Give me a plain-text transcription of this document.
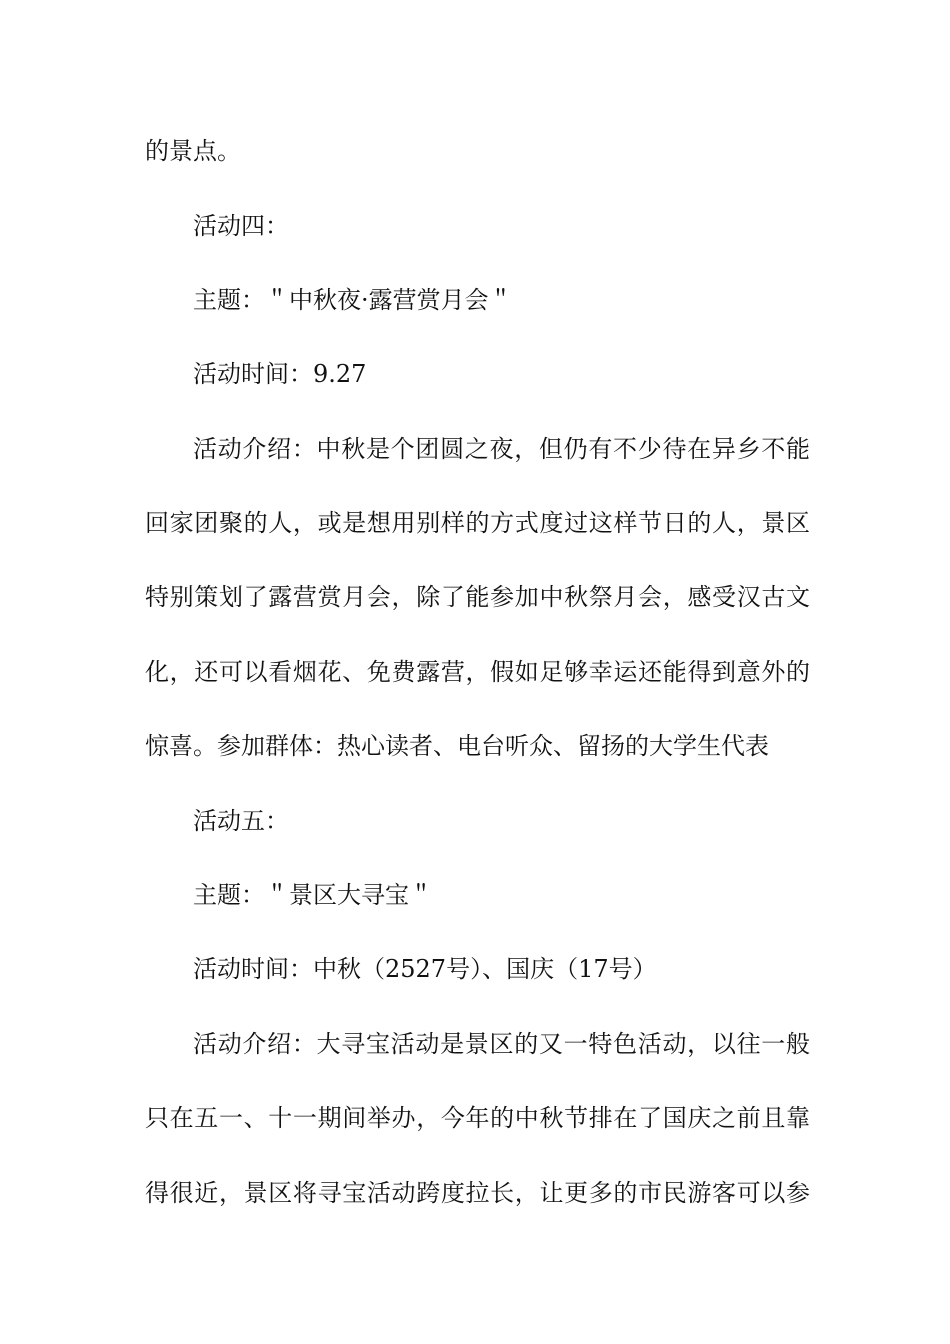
的景点。
活动四：
主题：＂中秋夜·露营赏月会＂
活动时间：9.27
活动介绍：中秋是个团圆之夜，但仍有不少待在异乡不能
回家团聚的人，或是想用别样的方式度过这样节日的人，景区
特别策划了露营赏月会，除了能参加中秋祭月会，感受汉古文
化，还可以看烟花、免费露营，假如足够幸运还能得到意外的
惊喜。参加群体：热心读者、电台听众、留扬的大学生代表
活动五：
主题：＂景区大寻宝＂
活动时间：中秋（2527号）、国庆（17号）
活动介绍：大寻宝活动是景区的又一特色活动，以往一般
只在五一、十一期间举办，今年的中秋节排在了国庆之前且靠
得很近，景区将寻宝活动跨度拉长，让更多的市民游客可以参
